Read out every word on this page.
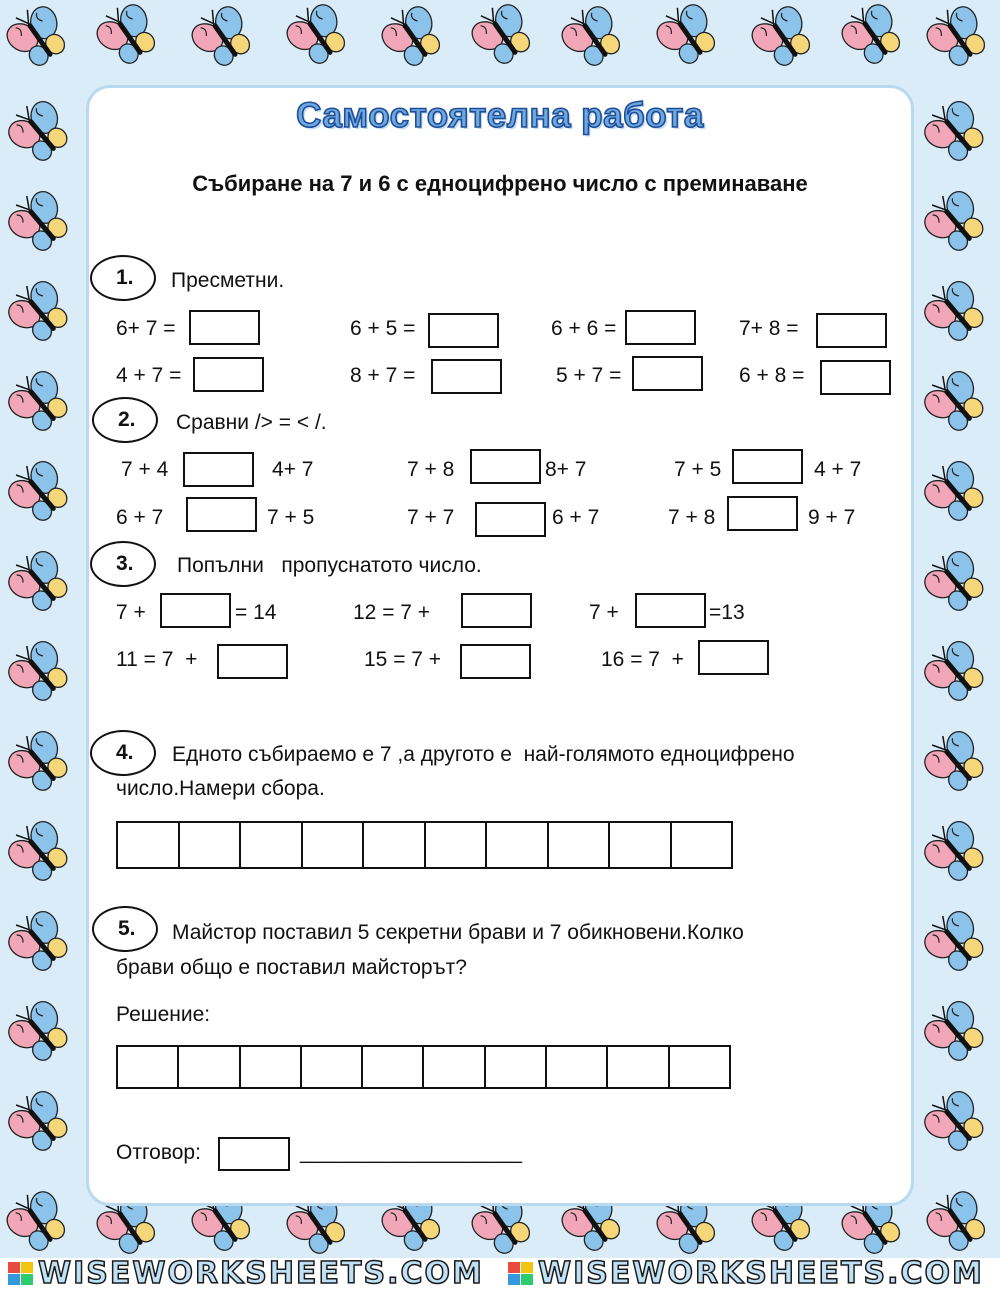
Самостоятелна работа
Събиране на 7 и 6 с едноцифрено число с преминаване
1. Пресметни.
6+ 7 =	6 + 5 =	6 + 6 =	7+ 8 =
4 + 7 =	8 + 7 =	5 + 7 =	6 + 8 =
2. Сравни /> = < /.
7 + 4	4+ 7	7 + 8	8+ 7	7 + 5	4 + 7
6 + 7	7 + 5	7 + 7	6 + 7	7 + 8	9 + 7
3. Попълни   пропуснатото число.
7 +	= 14	12 = 7 +	7 +	=13
11 = 7  +	15 = 7 +	16 = 7  +
4. Едното събираемо е 7 ,а другото е  най-голямото едноцифрено
число.Намери сбора.
5. Майстор поставил 5 секретни брави и 7 обикновени.Колко
брави общо е поставил майсторът?
Решение:
Отговор:	___________________
WISEWORKSHEETS.COM WISEWORKSHEETS.COM
